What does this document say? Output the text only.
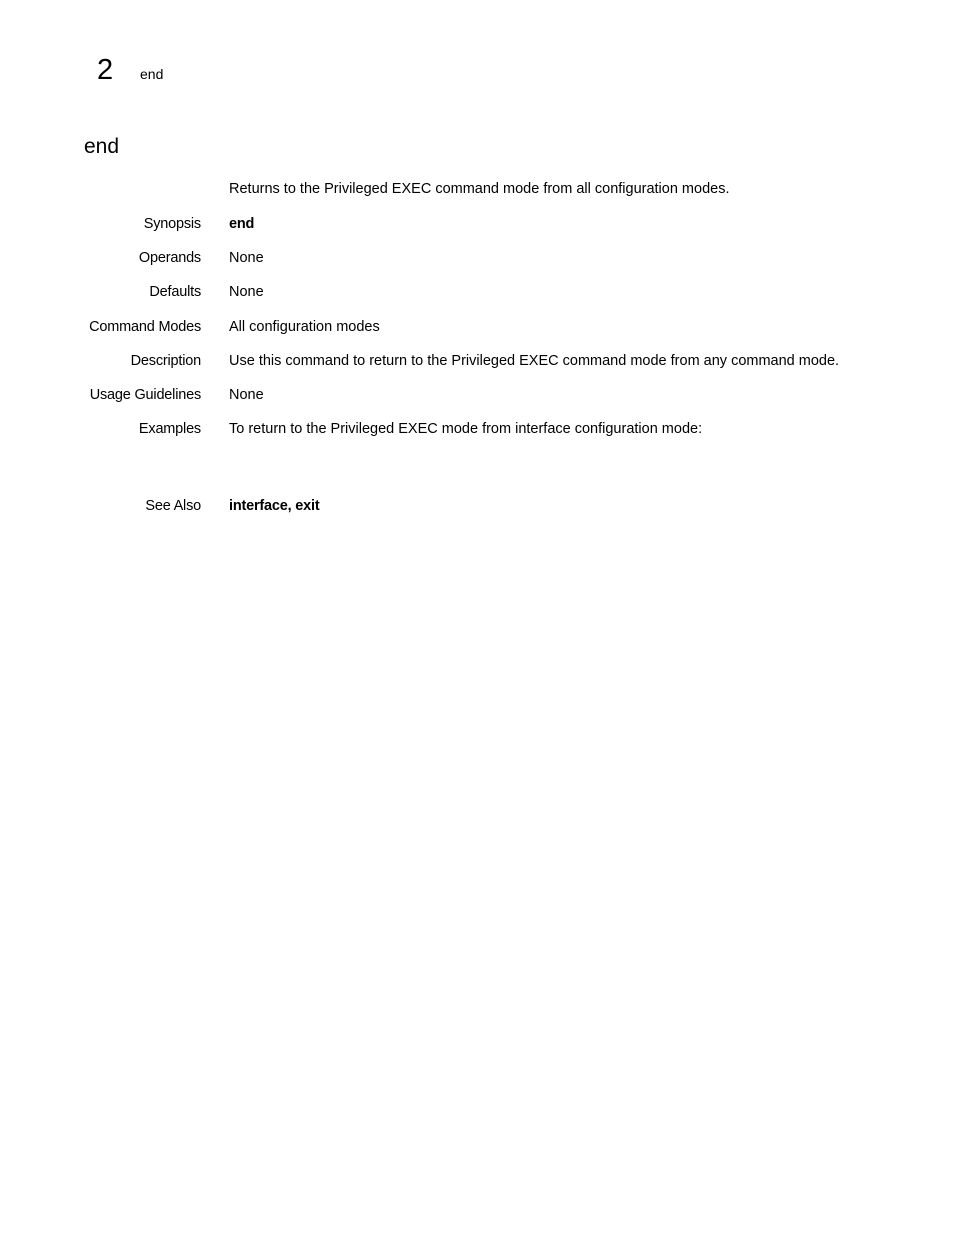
2 end
end
Returns to the Privileged EXEC command mode from all configuration modes.
Synopsis end
Operands None
Defaults None
Command Modes All configuration modes
Description Use this command to return to the Privileged EXEC command mode from any command mode.
Usage Guidelines None
Examples To return to the Privileged EXEC mode from interface configuration mode:
See Also interface, exit
